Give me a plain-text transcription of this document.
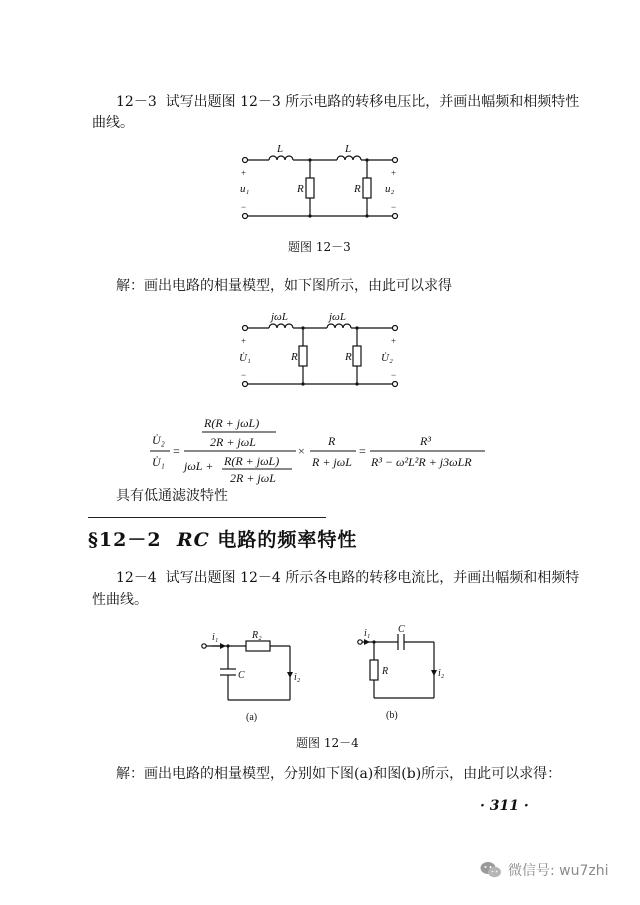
12－3 试写出题图 12－3 所示电路的转移电压比，并画出幅频和相频特性
曲线。
L	L
R	R
+
−
u₁
+
−
u₂
题图 12－3
解：画出电路的相量模型，如下图所示，由此可以求得
jωL	jωL
R	R
+
−
U̇₁
+
−
U̇₂
U̇₂
U̇₁
=
R(R + jωL)
2R + jωL
jωL + R(R + jωL)
2R + jωL
×
R
R + jωL
=
R³
R³ − ω²L²R + j3ωLR
具有低通滤波特性
§12－2 RC 电路的频率特性
12－4 试写出题图 12－4 所示各电路的转移电流比，并画出幅频和相频特
性曲线。
i₁	R₂
C	i₂
(a)
i₁	C
R	i₂
(b)
题图 12－4
解：画出电路的相量模型，分别如下图(a)和图(b)所示，由此可以求得：
· 311 ·
微信号: wu7zhi
